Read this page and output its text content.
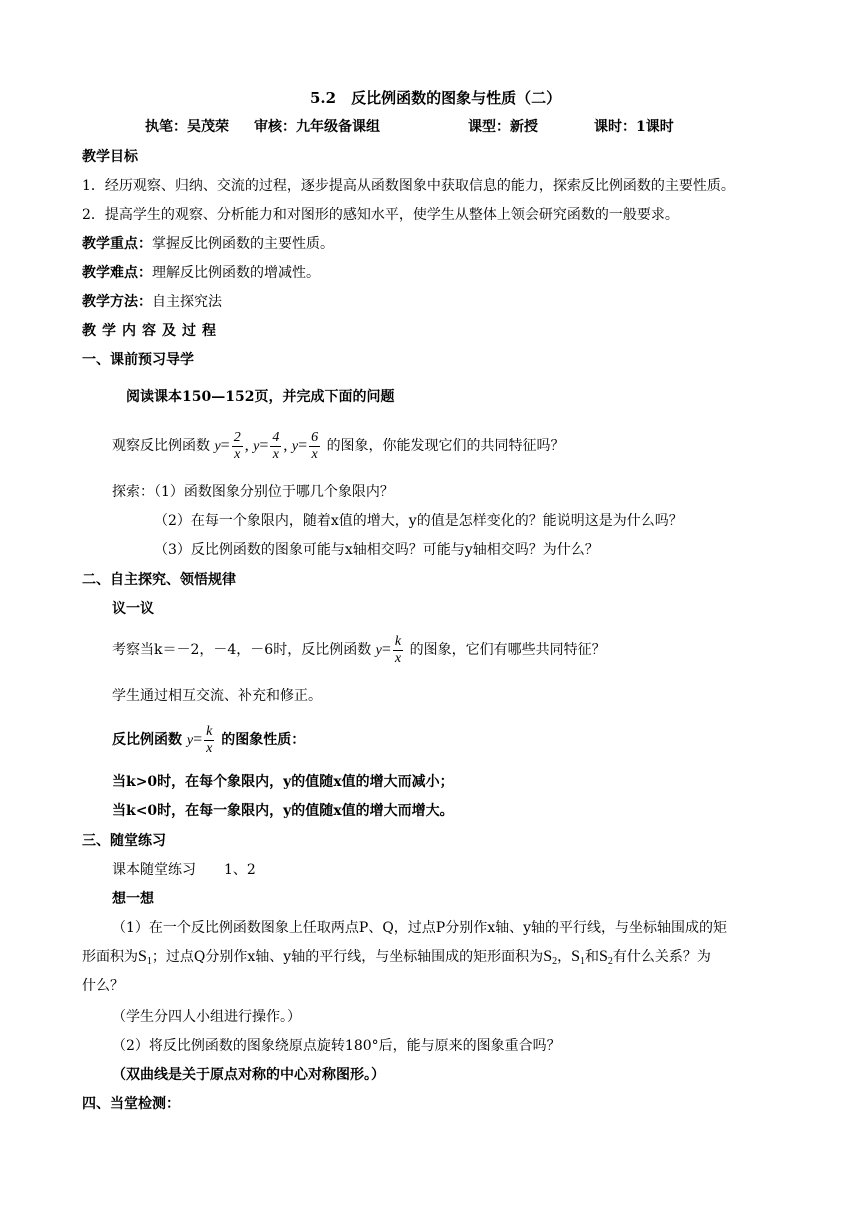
5.2　反比例函数的图象与性质（二）
执笔：吴茂荣 审核：九年级备课组	课型：新授	课时：1课时
教学目标
1．经历观察、归纳、交流的过程，逐步提高从函数图象中获取信息的能力，探索反比例函数的主要性质。
2．提高学生的观察、分析能力和对图形的感知水平，使学生从整体上领会研究函数的一般要求。
教学重点：掌握反比例函数的主要性质。
教学难点：理解反比例函数的增减性。
教学方法：自主探究法
教学内容及过程
一、课前预习导学
阅读课本150—152页，并完成下面的问题
观察反比例函数 $y= \frac{2}{x}$ , $y= \frac{4}{x}$ , $y= \frac{6}{x}$ 的图象，你能发现它们的共同特征吗？
探索：（1）函数图象分别位于哪几个象限内？
（2）在每一个象限内，随着x值的增大，y的值是怎样变化的？能说明这是为什么吗？
（3）反比例函数的图象可能与x轴相交吗？可能与y轴相交吗？为什么？
二、自主探究、领悟规律
议一议
考察当k＝－2，－4，－6时，反比例函数 $y= \frac{k}{x}$ 的图象，它们有哪些共同特征？
学生通过相互交流、补充和修正。
反比例函数 $y= \frac{k}{x}$ 的图象性质：
当k>0时，在每个象限内，y的值随x值的增大而减小；
当k<0时，在每一象限内，y的值随x值的增大而增大。
三、随堂练习
课本随堂练习　　1、2
想一想
（1）在一个反比例函数图象上任取两点P、Q，过点P分别作x轴、y轴的平行线，与坐标轴围成的矩
形面积为$S_1$；过点Q分别作x轴、y轴的平行线，与坐标轴围成的矩形面积为$S_2$，$S_1$和$S_2$有什么关系？为
什么？
（学生分四人小组进行操作。）
（2）将反比例函数的图象绕原点旋转180°后，能与原来的图象重合吗？
（双曲线是关于原点对称的中心对称图形。）
四、当堂检测：
